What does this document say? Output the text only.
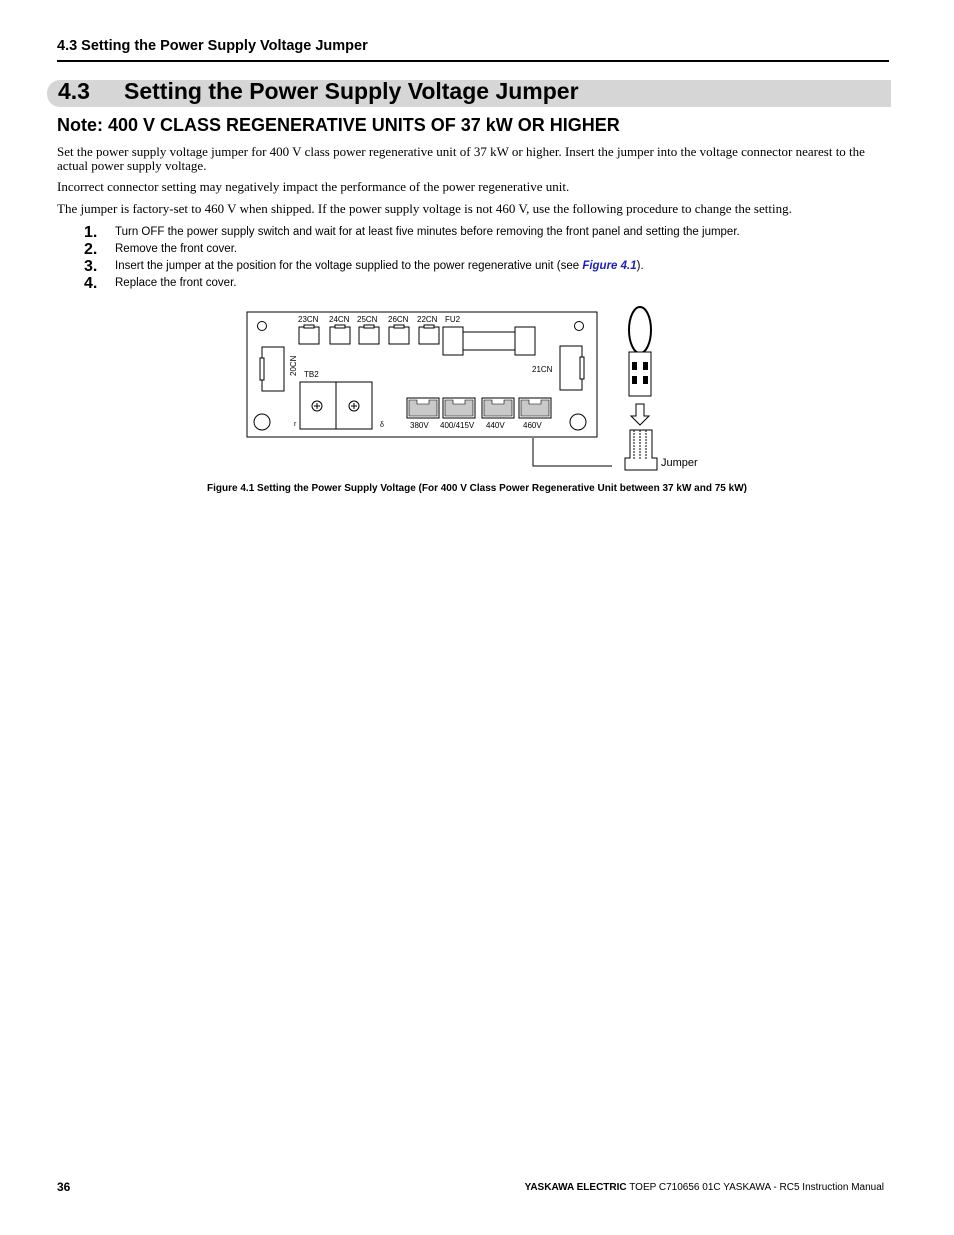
4.3 Setting the Power Supply Voltage Jumper
4.3 Setting the Power Supply Voltage Jumper
Note: 400 V CLASS REGENERATIVE UNITS OF 37 kW OR HIGHER
Set the power supply voltage jumper for 400 V class power regenerative unit of 37 kW or higher. Insert the jumper into the voltage connector nearest to the actual power supply voltage.
Incorrect connector setting may negatively impact the performance of the power regenerative unit.
The jumper is factory-set to 460 V when shipped. If the power supply voltage is not 460 V, use the following procedure to change the setting.
1. Turn OFF the power supply switch and wait for at least five minutes before removing the front panel and setting the jumper.
2. Remove the front cover.
3. Insert the jumper at the position for the voltage supplied to the power regenerative unit (see Figure 4.1).
4. Replace the front cover.
23CN 24CN 25CN 26CN 22CN FU2
20CN	21CN
TB2
r	δ	380V 400/415V 440V 460V
Jumper
Figure 4.1 Setting the Power Supply Voltage (For 400 V Class Power Regenerative Unit between 37 kW and 75 kW)
36	YASKAWA ELECTRIC TOEP C710656 01C YASKAWA - RC5 Instruction Manual
